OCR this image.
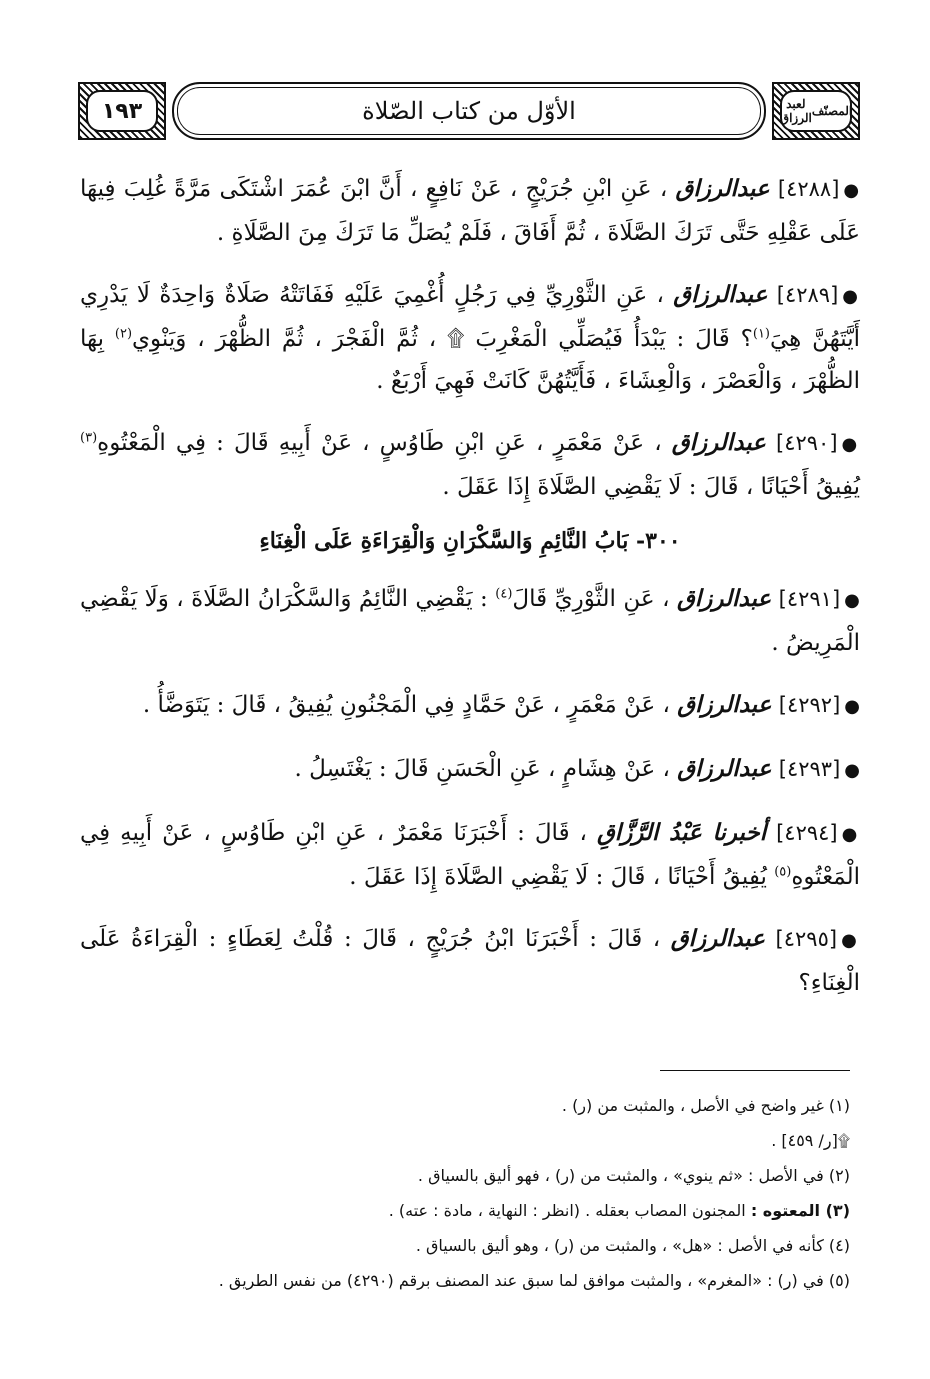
١٩٣	الأوّل من كتاب الصّلاة	المصنّف
لعبد الرزاق

●[٤٢٨٨] عبدالرزاق ، عَنِ ابْنِ جُرَيْجٍ ، عَنْ نَافِعٍ ، أَنَّ ابْنَ عُمَرَ اشْتَكَى مَرَّةً غُلِبَ فِيهَا عَلَى عَقْلِهِ حَتَّى تَرَكَ الصَّلَاةَ ، ثُمَّ أَفَاقَ ، فَلَمْ يُصَلِّ مَا تَرَكَ مِنَ الصَّلَاةِ .

●[٤٢٨٩] عبدالرزاق ، عَنِ الثَّوْرِيِّ فِي رَجُلٍ أُغْمِيَ عَلَيْهِ فَفَاتَتْهُ صَلَاةٌ وَاحِدَةٌ لَا يَدْرِي أَيَّتَهُنَّ هِيَ$^{(١)}$؟ قَالَ : يَبْدَأُ فَيُصَلِّي الْمَغْرِبَ ۩ ، ثُمَّ الْفَجْرَ ، ثُمَّ الظُّهْرَ ، وَيَنْوِي$^{(٢)}$ بِهَا الظُّهْرَ ، وَالْعَصْرَ ، وَالْعِشَاءَ ، فَأَيَّتُهُنَّ كَانَتْ فَهِيَ أَرْبَعٌ .

●[٤٢٩٠] عبدالرزاق ، عَنْ مَعْمَرٍ ، عَنِ ابْنِ طَاوُسٍ ، عَنْ أَبِيهِ قَالَ : فِي الْمَعْتُوهِ$^{(٣)}$ يُفِيقُ أَحْيَانًا ، قَالَ : لَا يَقْضِي الصَّلَاةَ إِذَا عَقَلَ .

٣٠٠- بَابُ النَّائِمِ وَالسَّكْرَانِ وَالْقِرَاءَةِ عَلَى الْغِنَاءِ

●[٤٢٩١] عبدالرزاق ، عَنِ الثَّوْرِيِّ قَالَ$^{(٤)}$ : يَقْضِي النَّائِمُ وَالسَّكْرَانُ الصَّلَاةَ ، وَلَا يَقْضِي الْمَرِيضُ .

●[٤٢٩٢] عبدالرزاق ، عَنْ مَعْمَرٍ ، عَنْ حَمَّادٍ فِي الْمَجْنُونِ يُفِيقُ ، قَالَ : يَتَوَضَّأُ .

●[٤٢٩٣] عبدالرزاق ، عَنْ هِشَامٍ ، عَنِ الْحَسَنِ قَالَ : يَغْتَسِلُ .

●[٤٢٩٤] أخبرنا عَبْدُ الرَّزَّاقِ ، قَالَ : أَخْبَرَنَا مَعْمَرٌ ، عَنِ ابْنِ طَاوُسٍ ، عَنْ أَبِيهِ فِي الْمَعْتُوهِ$^{(٥)}$ يُفِيقُ أَحْيَانًا ، قَالَ : لَا يَقْضِي الصَّلَاةَ إِذَا عَقَلَ .

●[٤٢٩٥] عبدالرزاق ، قَالَ : أَخْبَرَنَا ابْنُ جُرَيْجٍ ، قَالَ : قُلْتُ لِعَطَاءٍ : الْقِرَاءَةُ عَلَى الْغِنَاءِ؟

(١) غير واضح في الأصل ، والمثبت من (ر) .
۩[ر/ ٤٥٩] .
(٢) في الأصل : «ثم ينوي» ، والمثبت من (ر) ، فهو أليق بالسياق .
(٣) المعتوه : المجنون المصاب بعقله . (انظر : النهاية ، مادة : عته) .
(٤) كأنه في الأصل : «هل» ، والمثبت من (ر) ، وهو أليق بالسياق .
(٥) في (ر) : «المغرم» ، والمثبت موافق لما سبق عند المصنف برقم (٤٢٩٠) من نفس الطريق .
